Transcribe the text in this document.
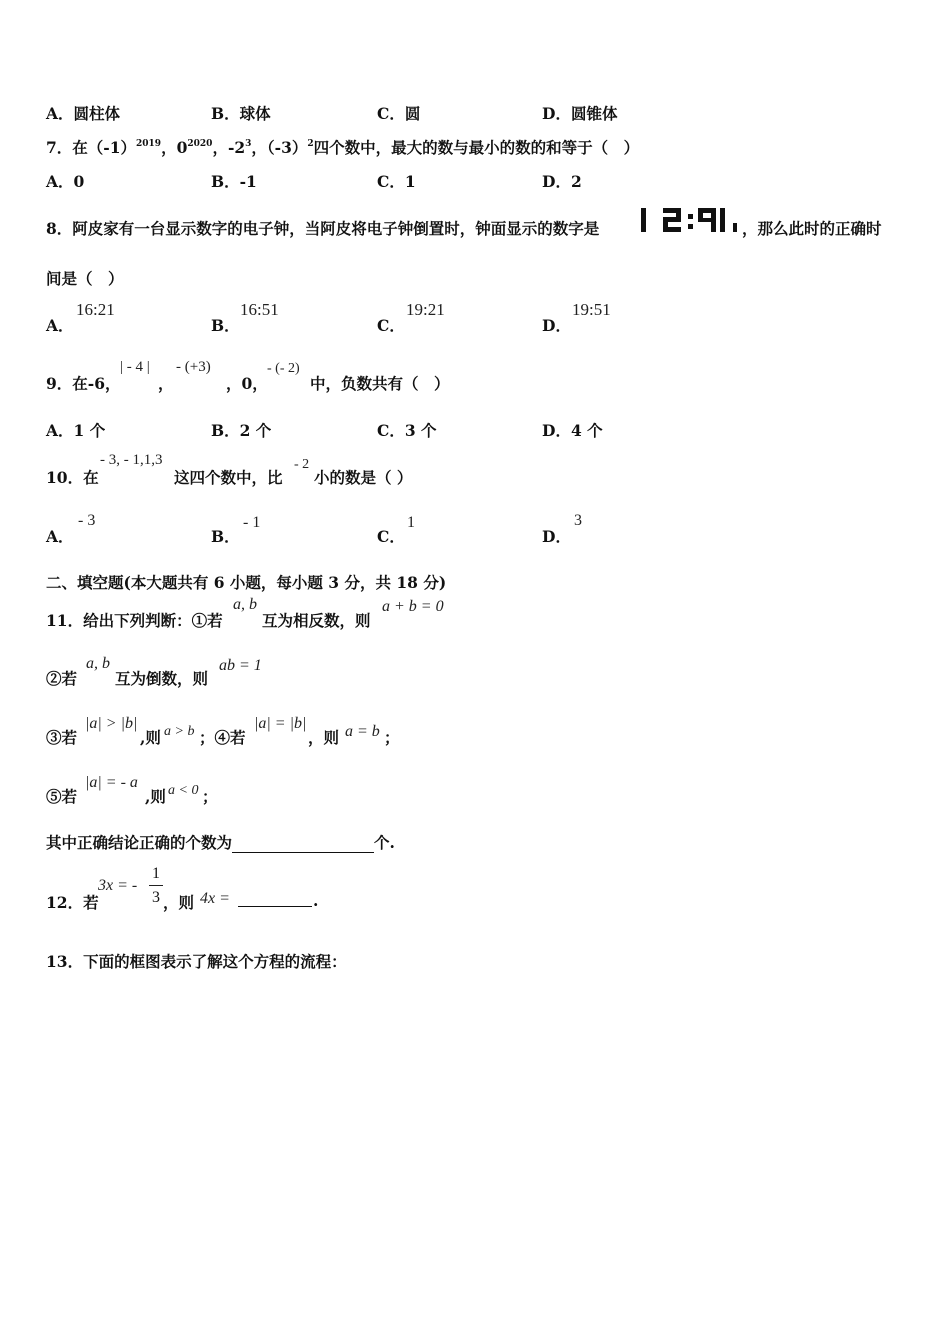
A．圆柱体	B．球体	C．圆	D．圆锥体
7．在$(-1)^{2019}$，$0^{2020}$，$-2^3$，$(-3)^2$四个数中，最大的数与最小的数的和等于（　）
A．0	B．-1	C．1	D．2
8．阿皮家有一台显示数字的电子钟，当阿皮将电子钟倒置时，钟面显示的数字是
12:91
，那么此时的正确时
间是（　）
A．
16:21
B．
16:51
C．
19:21
D．
19:51
9．在-6，
| - 4 |
，
- (+3)
，0，
- (- 2)
中，负数共有（　）
A．1 个	B．2 个	C．3 个	D．4 个
10．在
- 3, - 1,1,3
这四个数中，比
- 2
小的数是（ ）
A．
- 3
B．
- 1
C．
1
D．
3
二、填空题(本大题共有 6 小题，每小题 3 分，共 18 分)
11．给出下列判断：①若
a, b
互为相反数，则
a + b = 0
②若
a, b
互为倒数，则
ab = 1
③若
|a| > |b|
,则 a > b ；④若
|a| = |b|
，则 a = b ；
⑤若
|a| = - a
,则 a < 0 ；
其中正确结论正确的个数为	个.
12．若
3x = -
1
3 ，则 4x =	.
13．下面的框图表示了解这个方程的流程：
